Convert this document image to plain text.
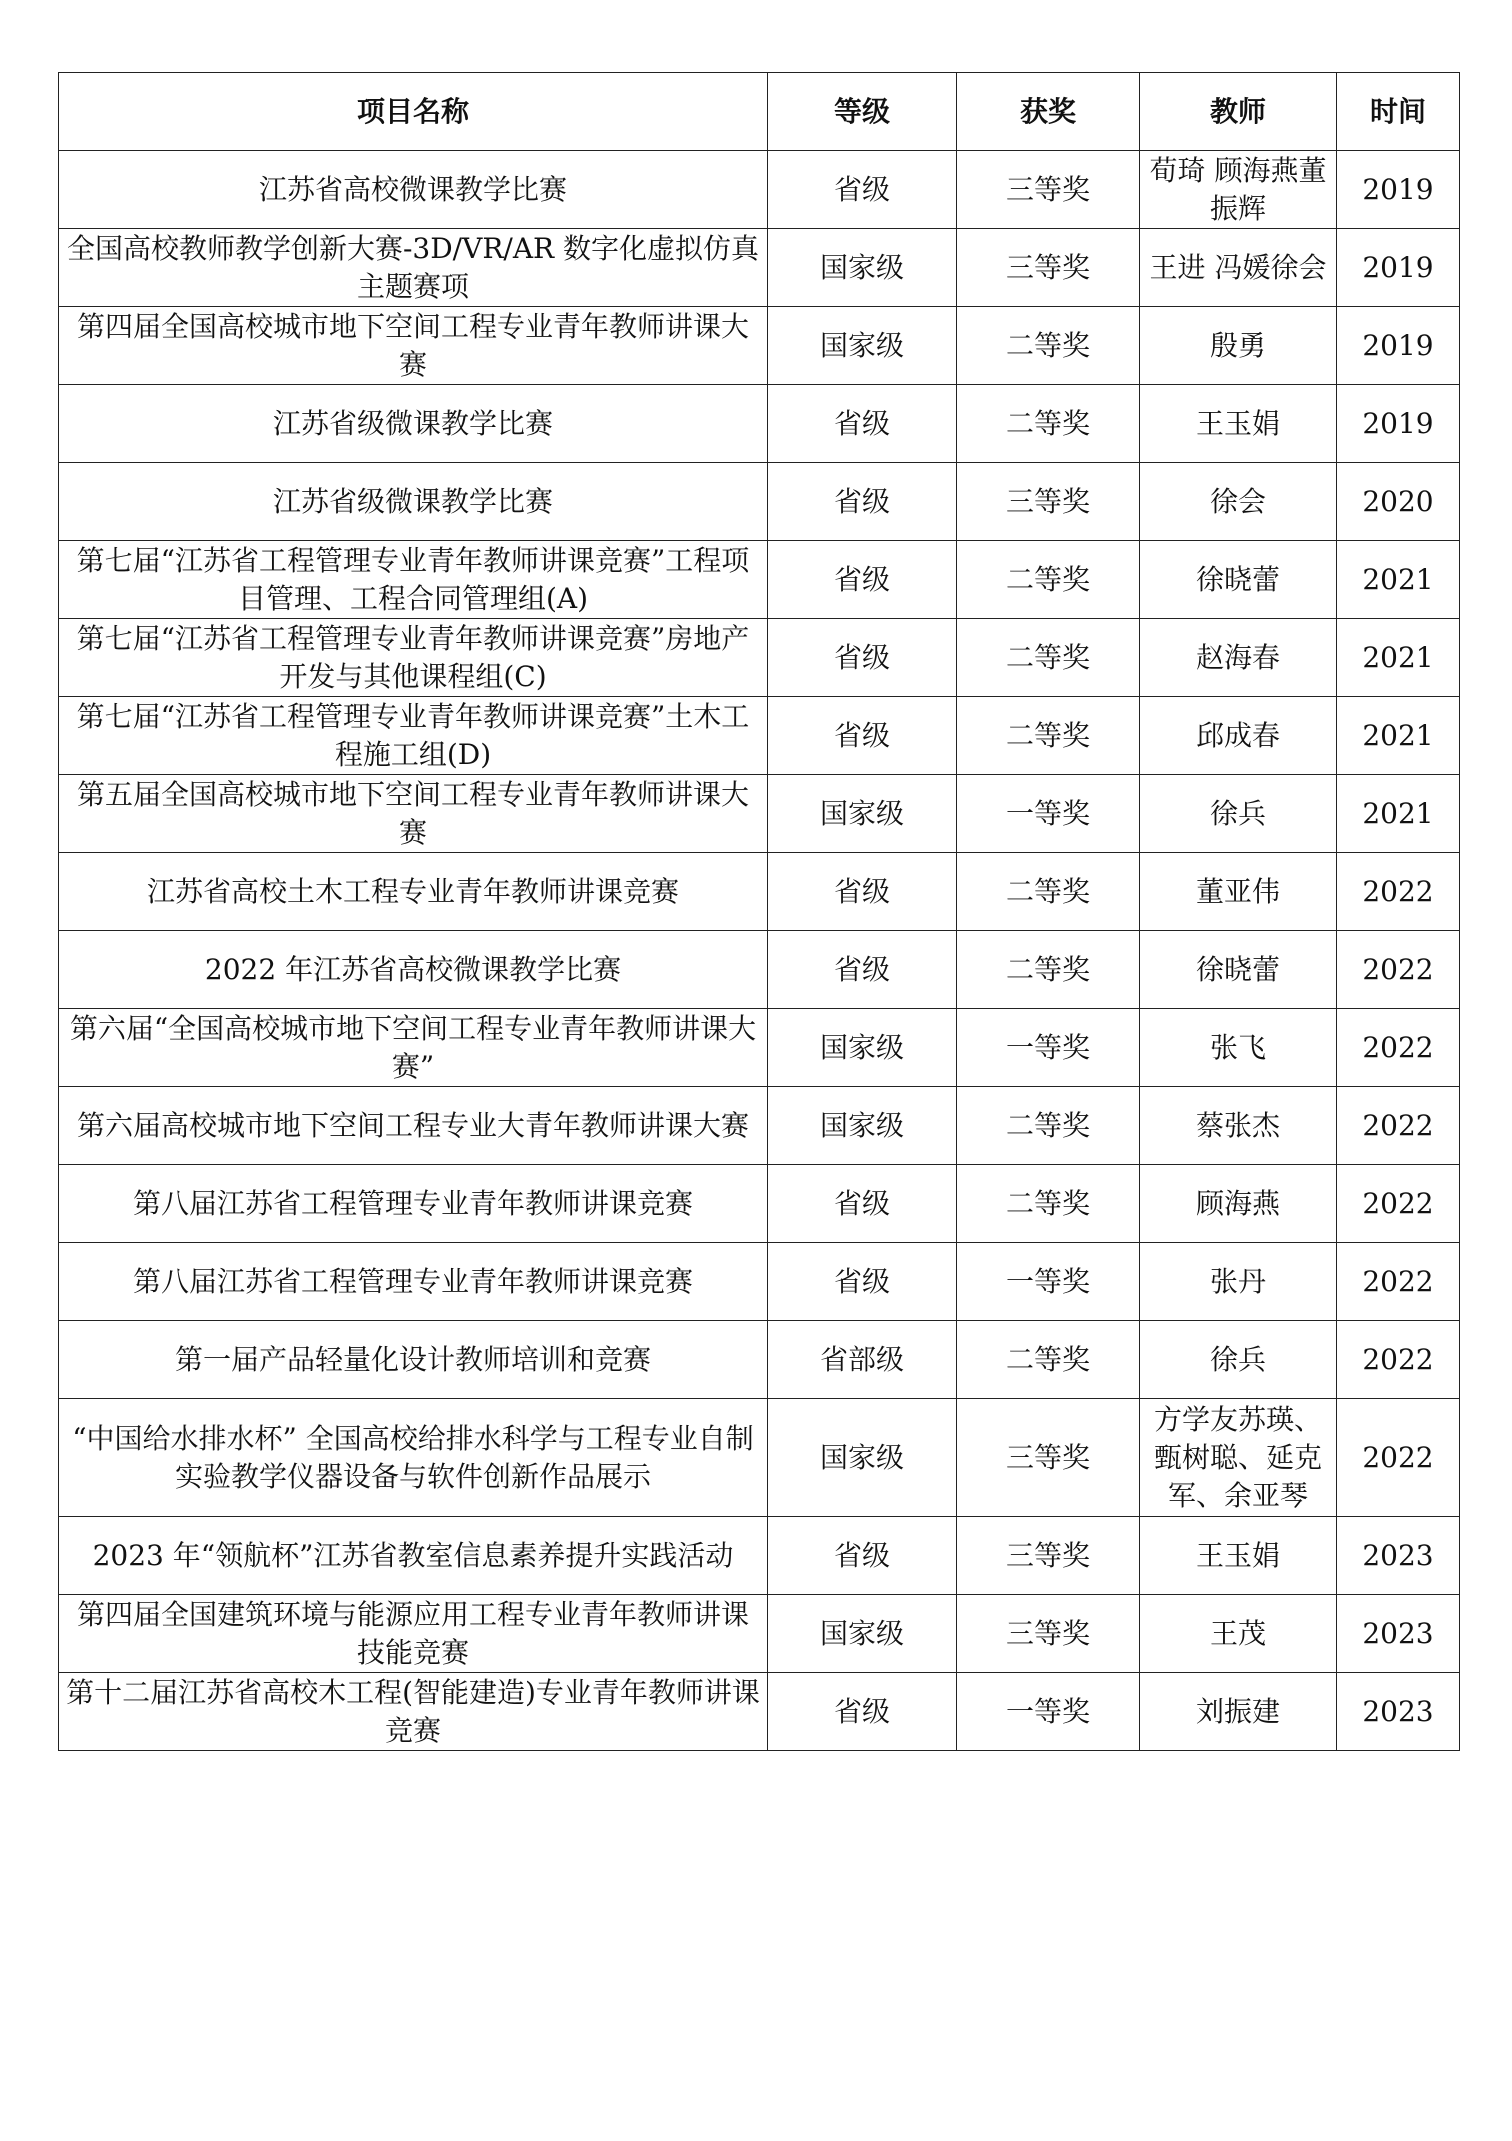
项目名称	等级	获奖	教师	时间
江苏省高校微课教学比赛	省级	三等奖	荀琦 顾海燕董振辉	2019
全国高校教师教学创新大赛-3D/VR/AR 数字化虚拟仿真主题赛项	国家级	三等奖	王进 冯媛徐会	2019
第四届全国高校城市地下空间工程专业青年教师讲课大赛	国家级	二等奖	殷勇	2019
江苏省级微课教学比赛	省级	二等奖	王玉娟	2019
江苏省级微课教学比赛	省级	三等奖	徐会	2020
第七届“江苏省工程管理专业青年教师讲课竞赛”工程项目管理、工程合同管理组(A)	省级	二等奖	徐晓蕾	2021
第七届“江苏省工程管理专业青年教师讲课竞赛”房地产开发与其他课程组(C)	省级	二等奖	赵海春	2021
第七届“江苏省工程管理专业青年教师讲课竞赛”土木工程施工组(D)	省级	二等奖	邱成春	2021
第五届全国高校城市地下空间工程专业青年教师讲课大赛	国家级	一等奖	徐兵	2021
江苏省高校土木工程专业青年教师讲课竞赛	省级	二等奖	董亚伟	2022
2022 年江苏省高校微课教学比赛	省级	二等奖	徐晓蕾	2022
第六届“全国高校城市地下空间工程专业青年教师讲课大赛”	国家级	一等奖	张飞	2022
第六届高校城市地下空间工程专业大青年教师讲课大赛	国家级	二等奖	蔡张杰	2022
第八届江苏省工程管理专业青年教师讲课竞赛	省级	二等奖	顾海燕	2022
第八届江苏省工程管理专业青年教师讲课竞赛	省级	一等奖	张丹	2022
第一届产品轻量化设计教师培训和竞赛	省部级	二等奖	徐兵	2022
“中国给水排水杯” 全国高校给排水科学与工程专业自制实验教学仪器设备与软件创新作品展示	国家级	三等奖	方学友苏瑛、甄树聪、延克军、余亚琴	2022
2023 年“领航杯”江苏省教室信息素养提升实践活动	省级	三等奖	王玉娟	2023
第四届全国建筑环境与能源应用工程专业青年教师讲课技能竞赛	国家级	三等奖	王茂	2023
第十二届江苏省高校木工程(智能建造)专业青年教师讲课竞赛	省级	一等奖	刘振建	2023
